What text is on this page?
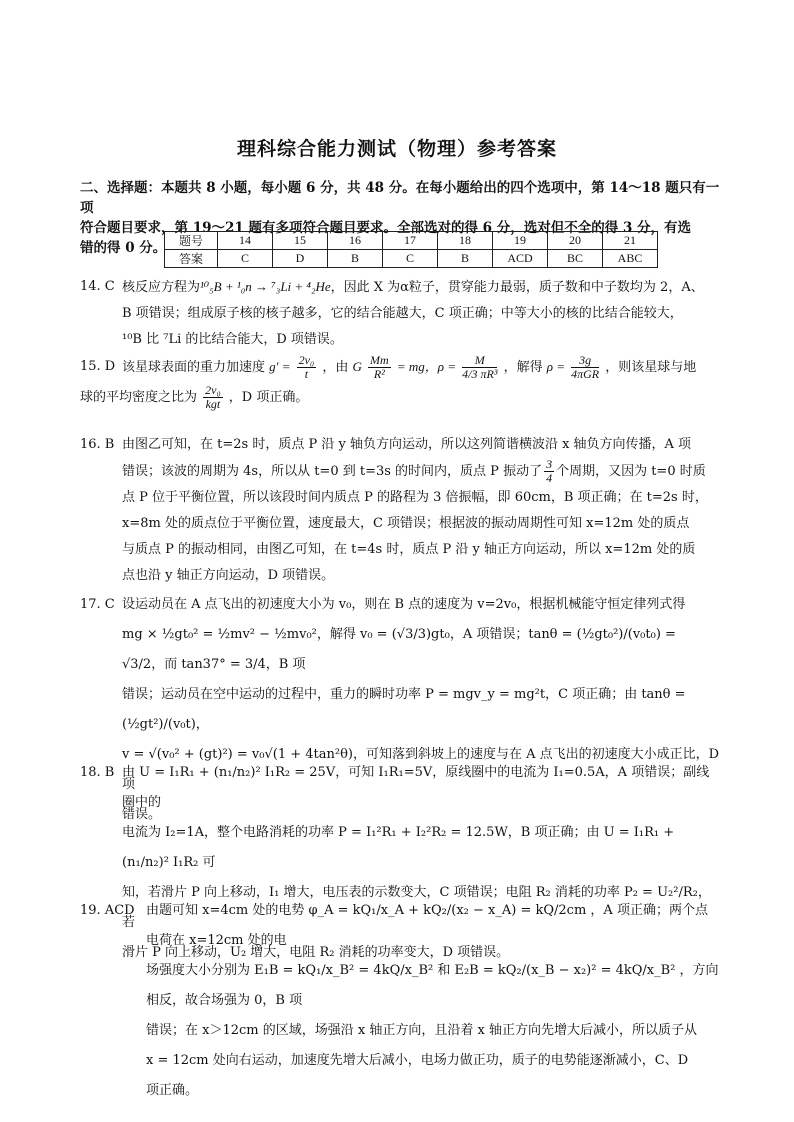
理科综合能力测试（物理）参考答案

二、选择题：本题共 8 小题，每小题 6 分，共 48 分。在每小题给出的四个选项中，第 14～18 题只有一项

符合题目要求，第 19～21 题有多项符合题目要求。全部选对的得 6 分，选对但不全的得 3 分，有选

错的得 0 分。	题号	14	15	16	17	18	19	20	21
答案	C	D	B	C	B	ACD	BC	ABC
14. C 核反应方程为¹⁰₅B + ¹₀n → ⁷₃Li + ⁴₂He，因此 X 为α粒子，贯穿能力最弱，质子数和中子数均为 2，A、

B 项错误；组成原子核的核子越多，它的结合能越大，C 项正确；中等大小的核的比结合能较大，

¹⁰B 比 ⁷Li 的比结合能大，D 项错误。

15. D 该星球表面的重力加速度 $g' = \frac{\text{2v₀}}{t}$ ，由 G $\frac{Mm}{\text{R²}}$ = mg，$\rho = \frac{M}{\text{4/3 πR³}}$ ，解得 $\rho = \frac{3g}{\text{4πGR}}$ ，则该星球与地

球的平均密度之比为 $\frac{\text{2v₀}}{\text{kgt}}$ ，D 项正确。

16. B 由图乙可知，在 t=2s 时，质点 P 沿 y 轴负方向运动，所以这列简谐横波沿 x 轴负方向传播，A 项

错误；该波的周期为 4s，所以从 t=0 到 t=3s 的时间内，质点 P 振动了 $\frac{3}{4}$ 个周期，又因为 t=0 时质

点 P 位于平衡位置，所以该段时间内质点 P 的路程为 3 倍振幅，即 60cm，B 项正确；在 t=2s 时，

x=8m 处的质点位于平衡位置，速度最大，C 项错误；根据波的振动周期性可知 x=12m 处的质点

与质点 P 的振动相同，由图乙可知，在 t=4s 时，质点 P 沿 y 轴正方向运动，所以 x=12m 处的质

点也沿 y 轴正方向运动，D 项错误。

17. C 设运动员在 A 点飞出的初速度大小为 v₀，则在 B 点的速度为 v=2v₀，根据机械能守恒定律列式得

mg × ½gt₀² = ½mv² − ½mv₀²，解得 v₀ = (√3/3)gt₀，A 项错误；tanθ = (½gt₀²)/(v₀t₀) = √3/2，而 tan37° = 3/4，B 项

错误；运动员在空中运动的过程中，重力的瞬时功率 P = mgv_y = mg²t，C 项正确；由 tanθ = (½gt²)/(v₀t)，

v = √(v₀² + (gt)²) = v₀√(1 + 4tan²θ)，可知落到斜坡上的速度与在 A 点飞出的初速度大小成正比，D 项

错误。

18. B 由 U = I₁R₁ + (n₁/n₂)² I₁R₂ = 25V，可知 I₁R₁=5V，原线圈中的电流为 I₁=0.5A，A 项错误；副线圈中的

电流为 I₂=1A，整个电路消耗的功率 P = I₁²R₁ + I₂²R₂ = 12.5W，B 项正确；由 U = I₁R₁ + (n₁/n₂)² I₁R₂ 可

知，若滑片 P 向上移动，I₁ 增大，电压表的示数变大，C 项错误；电阻 R₂ 消耗的功率 P₂ = U₂²/R₂，若

滑片 P 向上移动，U₂ 增大，电阻 R₂ 消耗的功率变大，D 项错误。

19. ACD 由题可知 x=4cm 处的电势 φ_A = kQ₁/x_A + kQ₂/(x₂ − x_A) = kQ/2cm ，A 项正确；两个点电荷在 x=12cm 处的电

场强度大小分别为 E₁B = kQ₁/x_B² = 4kQ/x_B² 和 E₂B = kQ₂/(x_B − x₂)² = 4kQ/x_B² ，方向相反，故合场强为 0，B 项

错误；在 x＞12cm 的区域，场强沿 x 轴正方向，且沿着 x 轴正方向先增大后减小，所以质子从

x = 12cm 处向右运动，加速度先增大后减小，电场力做正功，质子的电势能逐渐减小，C、D

项正确。
